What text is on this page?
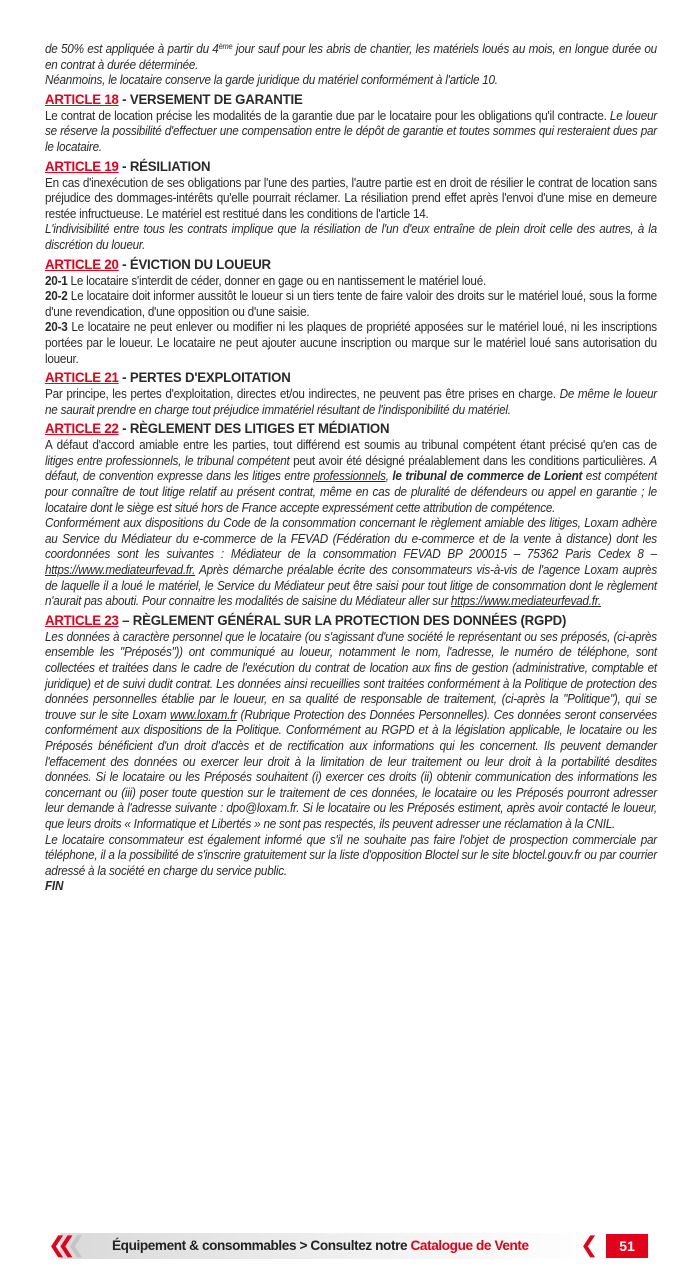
de 50% est appliquée à partir du 4ème jour sauf pour les abris de chantier, les matériels loués au mois, en longue durée ou en contrat à durée déterminée.

Néanmoins, le locataire conserve la garde juridique du matériel conformément à l'article 10.

ARTICLE 18 - VERSEMENT DE GARANTIE

Le contrat de location précise les modalités de la garantie due par le locataire pour les obligations qu'il contracte. Le loueur se réserve la possibilité d'effectuer une compensation entre le dépôt de garantie et toutes sommes qui resteraient dues par le locataire.

ARTICLE 19 - RÉSILIATION

En cas d'inexécution de ses obligations par l'une des parties, l'autre partie est en droit de résilier le contrat de location sans préjudice des dommages-intérêts qu'elle pourrait réclamer. La résiliation prend effet après l'envoi d'une mise en demeure restée infructueuse. Le matériel est restitué dans les conditions de l'article 14.

L'indivisibilité entre tous les contrats implique que la résiliation de l'un d'eux entraîne de plein droit celle des autres, à la discrétion du loueur.

ARTICLE 20 - ÉVICTION DU LOUEUR

20-1 Le locataire s'interdit de céder, donner en gage ou en nantissement le matériel loué.

20-2 Le locataire doit informer aussitôt le loueur si un tiers tente de faire valoir des droits sur le matériel loué, sous la forme d'une revendication, d'une opposition ou d'une saisie.

20-3 Le locataire ne peut enlever ou modifier ni les plaques de propriété apposées sur le matériel loué, ni les inscriptions portées par le loueur. Le locataire ne peut ajouter aucune inscription ou marque sur le matériel loué sans autorisation du loueur.

ARTICLE 21 - PERTES D'EXPLOITATION

Par principe, les pertes d'exploitation, directes et/ou indirectes, ne peuvent pas être prises en charge. De même le loueur ne saurait prendre en charge tout préjudice immatériel résultant de l'indisponibilité du matériel.

ARTICLE 22 - RÈGLEMENT DES LITIGES ET MÉDIATION

A défaut d'accord amiable entre les parties, tout différend est soumis au tribunal compétent étant précisé qu'en cas de litiges entre professionnels, le tribunal compétent peut avoir été désigné préalablement dans les conditions particulières. A défaut, de convention expresse dans les litiges entre professionnels, le tribunal de commerce de Lorient est compétent pour connaître de tout litige relatif au présent contrat, même en cas de pluralité de défendeurs ou appel en garantie ; le locataire dont le siège est situé hors de France accepte expressément cette attribution de compétence.

Conformément aux dispositions du Code de la consommation concernant le règlement amiable des litiges, Loxam adhère au Service du Médiateur du e-commerce de la FEVAD (Fédération du e-commerce et de la vente à distance) dont les coordonnées sont les suivantes : Médiateur de la consommation FEVAD BP 200015 – 75362 Paris Cedex 8 – https://www.mediateurfevad.fr. Après démarche préalable écrite des consommateurs vis-à-vis de l'agence Loxam auprès de laquelle il a loué le matériel, le Service du Médiateur peut être saisi pour tout litige de consommation dont le règlement n'aurait pas abouti. Pour connaitre les modalités de saisine du Médiateur aller sur https://www.mediateurfevad.fr.

ARTICLE 23 – RÈGLEMENT GÉNÉRAL SUR LA PROTECTION DES DONNÉES (RGPD)

Les données à caractère personnel que le locataire (ou s'agissant d'une société le représentant ou ses préposés, (ci-après ensemble les "Préposés")) ont communiqué au loueur, notamment le nom, l'adresse, le numéro de téléphone, sont collectées et traitées dans le cadre de l'exécution du contrat de location aux fins de gestion (administrative, comptable et juridique) et de suivi dudit contrat. Les données ainsi recueillies sont traitées conformément à la Politique de protection des données personnelles établie par le loueur, en sa qualité de responsable de traitement, (ci-après la "Politique"), qui se trouve sur le site Loxam www.loxam.fr (Rubrique Protection des Données Personnelles). Ces données seront conservées conformément aux dispositions de la Politique. Conformément au RGPD et à la législation applicable, le locataire ou les Préposés bénéficient d'un droit d'accès et de rectification aux informations qui les concernent. Ils peuvent demander l'effacement des données ou exercer leur droit à la limitation de leur traitement ou leur droit à la portabilité desdites données. Si le locataire ou les Préposés souhaitent (i) exercer ces droits (ii) obtenir communication des informations les concernant ou (iii) poser toute question sur le traitement de ces données, le locataire ou les Préposés pourront adresser leur demande à l'adresse suivante : dpo@loxam.fr. Si le locataire ou les Préposés estiment, après avoir contacté le loueur, que leurs droits « Informatique et Libertés » ne sont pas respectés, ils peuvent adresser une réclamation à la CNIL.

Le locataire consommateur est également informé que s'il ne souhaite pas faire l'objet de prospection commerciale par téléphone, il a la possibilité de s'inscrire gratuitement sur la liste d'opposition Bloctel sur le site bloctel.gouv.fr ou par courrier adressé à la société en charge du service public.

FIN

❮❮❮	Équipement & consommables > Consultez notre Catalogue de Vente ❮	51
